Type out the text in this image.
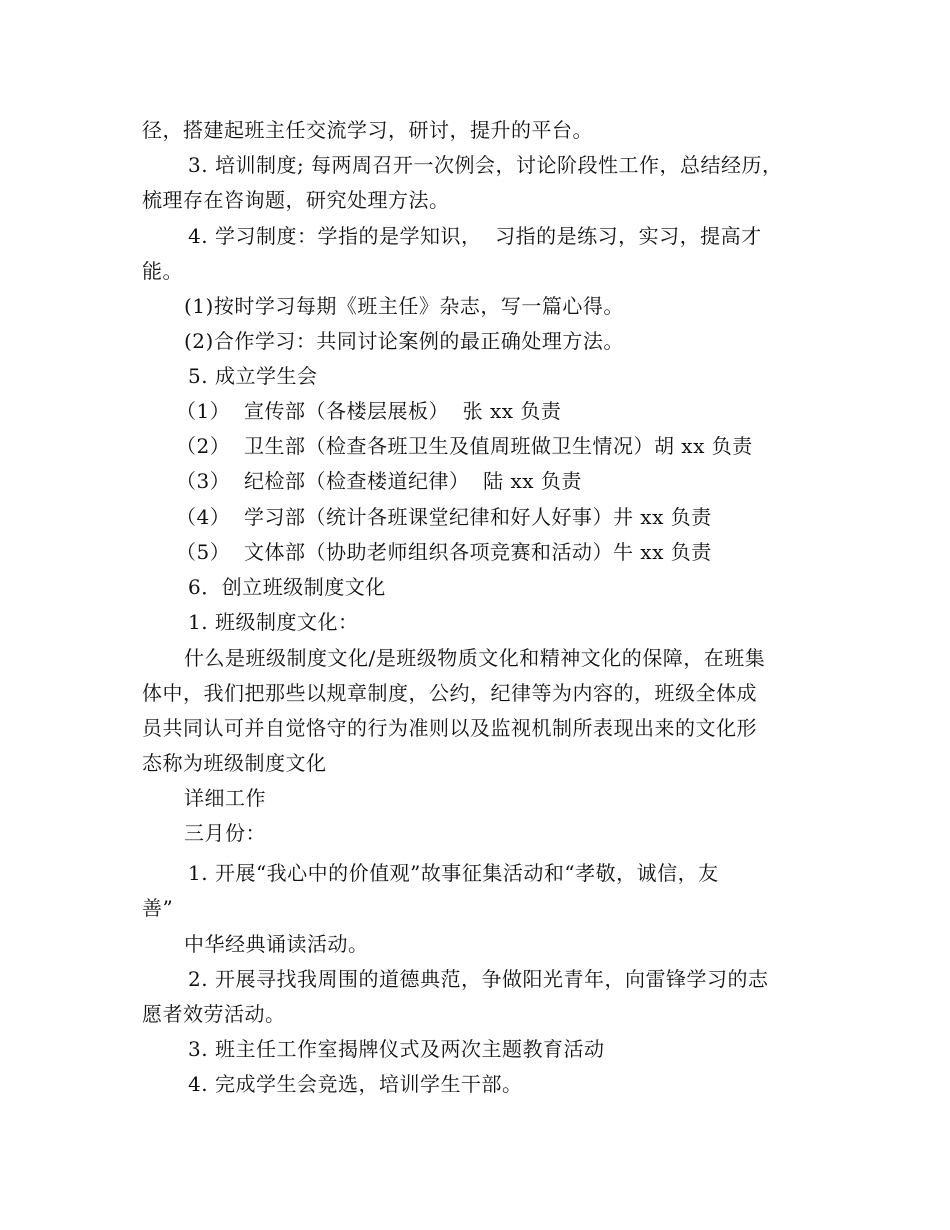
径，搭建起班主任交流学习，研讨，提升的平台。
3. 培训制度; 每两周召开一次例会，讨论阶段性工作，总结经历，
梳理存在咨询题，研究处理方法。
4. 学习制度：学指的是学知识，  习指的是练习，实习，提高才
能。
(1)按时学习每期《班主任》杂志，写一篇心得。
(2)合作学习：共同讨论案例的最正确处理方法。
5. 成立学生会
（1）  宣传部（各楼层展板）  张 xx 负责
（2）  卫生部（检查各班卫生及值周班做卫生情况）胡 xx 负责
（3）  纪检部（检查楼道纪律）  陆 xx 负责
（4）  学习部（统计各班课堂纪律和好人好事）井 xx 负责
（5）  文体部（协助老师组织各项竞赛和活动）牛 xx 负责
6．创立班级制度文化
1. 班级制度文化：
什么是班级制度文化/是班级物质文化和精神文化的保障，在班集
体中，我们把那些以规章制度，公约，纪律等为内容的，班级全体成
员共同认可并自觉恪守的行为准则以及监视机制所表现出来的文化形
态称为班级制度文化
详细工作
三月份：
1. 开展“我心中的价值观”故事征集活动和“孝敬，诚信，友
善”
中华经典诵读活动。
2. 开展寻找我周围的道德典范，争做阳光青年，向雷锋学习的志
愿者效劳活动。
3. 班主任工作室揭牌仪式及两次主题教育活动
4. 完成学生会竞选，培训学生干部。
